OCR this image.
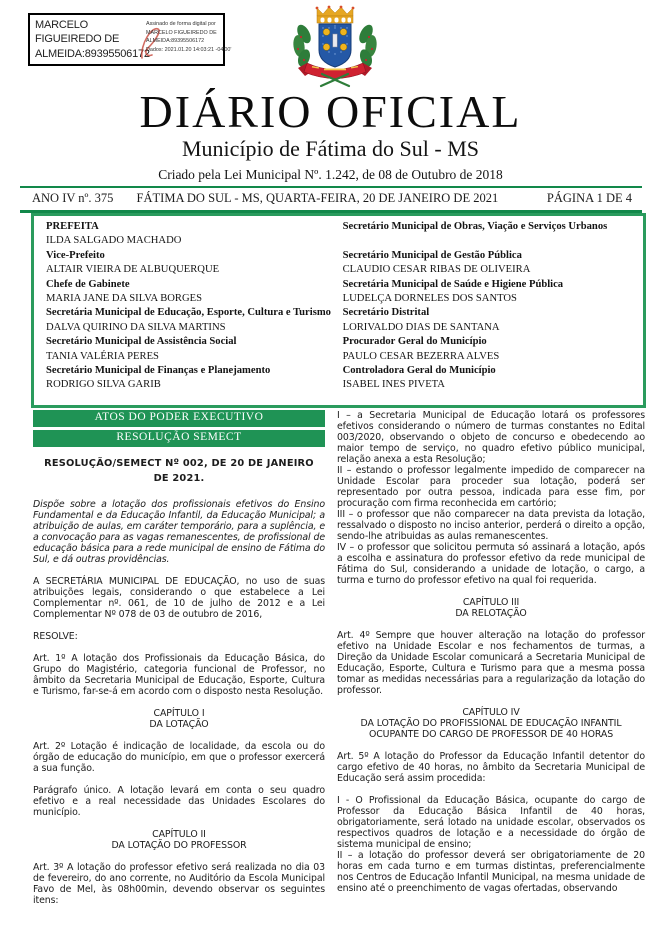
MARCELO FIGUEIREDO DE ALMEIDA:89395506172
Assinado de forma digital por
MARCELO FIGUEIREDO DE
ALMEIDA:89395506172
Dados: 2021.01.20 14:03:21 -04'00'
DIÁRIO OFICIAL
Município de Fátima do Sul - MS
Criado pela Lei Municipal Nº. 1.242, de 08 de Outubro de 2018
ANO IV nº. 375 FÁTIMA DO SUL - MS, QUARTA-FEIRA, 20 DE JANEIRO DE 2021	PÁGINA 1 DE 4
PREFEITA
ILDA SALGADO MACHADO
Vice-Prefeito
ALTAIR VIEIRA DE ALBUQUERQUE
Chefe de Gabinete
MARIA JANE DA SILVA BORGES
Secretária Municipal de Educação, Esporte, Cultura e Turismo
DALVA QUIRINO DA SILVA MARTINS
Secretário Municipal de Assistência Social
TANIA VALÉRIA PERES
Secretário Municipal de Finanças e Planejamento
RODRIGO SILVA GARIB
Secretário Municipal de Obras, Viação e Serviços Urbanos
Secretário Municipal de Gestão Pública
CLAUDIO CESAR RIBAS DE OLIVEIRA
Secretária Municipal de Saúde e Higiene Pública
LUDELÇA DORNELES DOS SANTOS
Secretário Distrital
LORIVALDO DIAS DE SANTANA
Procurador Geral do Município
PAULO CESAR BEZERRA ALVES
Controladora Geral do Município
ISABEL INES PIVETA
ATOS DO PODER EXECUTIVO
RESOLUÇÃO SEMECT
RESOLUÇÃO/SEMECT Nº 002, DE 20 DE JANEIRO DE 2021.

Dispõe sobre a lotação dos profissionais efetivos do Ensino Fundamental e da Educação Infantil, da Educação Municipal; a atribuição de aulas, em caráter temporário, para a suplência, e a convocação para as vagas remanescentes, de profissional de educação básica para a rede municipal de ensino de Fátima do Sul, e dá outras providências.

A SECRETÁRIA MUNICIPAL DE EDUCAÇÃO, no uso de suas atribuições legais, considerando o que estabelece a Lei Complementar nº. 061, de 10 de julho de 2012 e a Lei Complementar Nº 078 de 03 de outubro de 2016,

RESOLVE:

Art. 1º A lotação dos Profissionais da Educação Básica, do Grupo do Magistério, categoria funcional de Professor, no âmbito da Secretaria Municipal de Educação, Esporte, Cultura e Turismo, far-se-á em acordo com o disposto nesta Resolução.

CAPÍTULO I
DA LOTAÇÃO

Art. 2º Lotação é indicação de localidade, da escola ou do órgão de educação do município, em que o professor exercerá a sua função.

Parágrafo único. A lotação levará em conta o seu quadro efetivo e a real necessidade das Unidades Escolares do município.

CAPÍTULO II
DA LOTAÇÃO DO PROFESSOR

Art. 3º A lotação do professor efetivo será realizada no dia 03 de fevereiro, do ano corrente, no Auditório da Escola Municipal Favo de Mel, às 08h00min, devendo observar os seguintes itens:

I – a Secretaria Municipal de Educação lotará os professores efetivos considerando o número de turmas constantes no Edital 003/2020, observando o objeto de concurso e obedecendo ao maior tempo de serviço, no quadro efetivo público municipal, relação anexa a esta Resolução;

II – estando o professor legalmente impedido de comparecer na Unidade Escolar para proceder sua lotação, poderá ser representado por outra pessoa, indicada para esse fim, por procuração com firma reconhecida em cartório;

III – o professor que não comparecer na data prevista da lotação, ressalvado o disposto no inciso anterior, perderá o direito a opção, sendo-lhe atribuidas as aulas remanescentes.

IV – o professor que solicitou permuta só assinará a lotação, após a escolha e assinatura do professor efetivo da rede municipal de Fátima do Sul, considerando a unidade de lotação, o cargo, a turma e turno do professor efetivo na qual foi requerida.

CAPÍTULO III
DA RELOTAÇÃO

Art. 4º Sempre que houver alteração na lotação do professor efetivo na Unidade Escolar e nos fechamentos de turmas, a Direção da Unidade Escolar comunicará a Secretaria Municipal de Educação, Esporte, Cultura e Turismo para que a mesma possa tomar as medidas necessárias para a regularização da lotação do professor.

CAPÍTULO IV
DA LOTAÇÃO DO PROFISSIONAL DE EDUCAÇÃO INFANTIL OCUPANTE DO CARGO DE PROFESSOR DE 40 HORAS

Art. 5º A lotação do Professor da Educação Infantil detentor do cargo efetivo de 40 horas, no âmbito da Secretaria Municipal de Educação será assim procedida:

I - O Profissional da Educação Básica, ocupante do cargo de Professor da Educação Básica Infantil de 40 horas, obrigatoriamente, será lotado na unidade escolar, observados os respectivos quadros de lotação e a necessidade do órgão de sistema municipal de ensino;

II – a lotação do professor deverá ser obrigatoriamente de 20 horas em cada turno e em turmas distintas, preferencialmente nos Centros de Educação Infantil Municipal, na mesma unidade de ensino até o preenchimento de vagas ofertadas, observando
